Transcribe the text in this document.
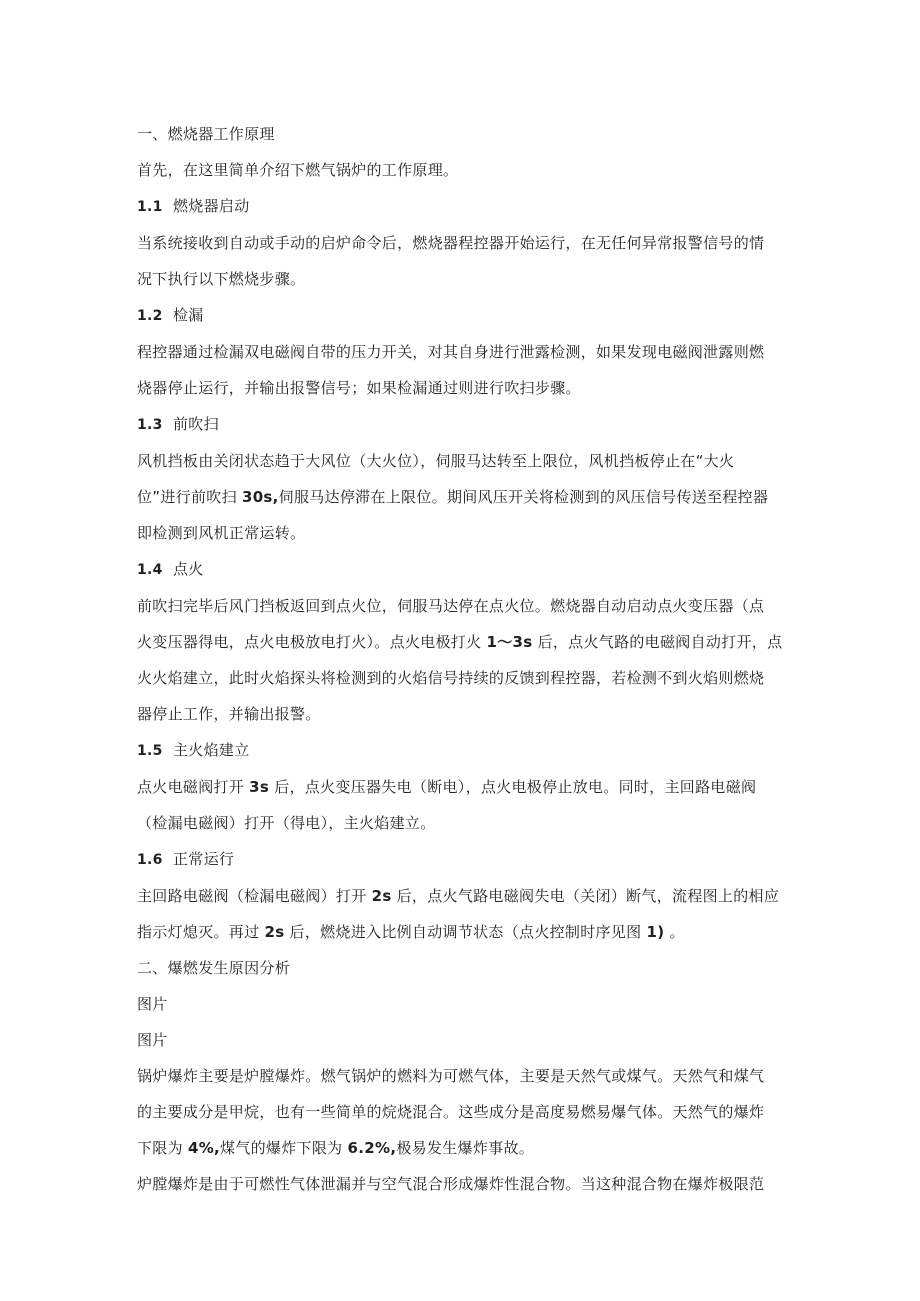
一、燃烧器工作原理
首先，在这里简单介绍下燃气锅炉的工作原理。
1.1 燃烧器启动
当系统接收到自动或手动的启炉命令后，燃烧器程控器开始运行，在无任何异常报警信号的情
况下执行以下燃烧步骤。
1.2 检漏
程控器通过检漏双电磁阀自带的压力开关，对其自身进行泄露检测，如果发现电磁阀泄露则燃
烧器停止运行，并输出报警信号；如果检漏通过则进行吹扫步骤。
1.3 前吹扫
风机挡板由关闭状态趋于大风位（大火位），伺服马达转至上限位，风机挡板停止在“大火
位”进行前吹扫 30s,伺服马达停滞在上限位。期间风压开关将检测到的风压信号传送至程控器
即检测到风机正常运转。
1.4 点火
前吹扫完毕后风门挡板返回到点火位，伺服马达停在点火位。燃烧器自动启动点火变压器（点
火变压器得电，点火电极放电打火）。点火电极打火 1〜3s 后，点火气路的电磁阀自动打开，点
火火焰建立，此时火焰探头将检测到的火焰信号持续的反馈到程控器，若检测不到火焰则燃烧
器停止工作，并输出报警。
1.5 主火焰建立
点火电磁阀打开 3s 后，点火变压器失电（断电），点火电极停止放电。同时，主回路电磁阀
（检漏电磁阀）打开（得电），主火焰建立。
1.6 正常运行
主回路电磁阀（检漏电磁阀）打开 2s 后，点火气路电磁阀失电（关闭）断气，流程图上的相应
指示灯熄灭。再过 2s 后，燃烧进入比例自动调节状态（点火控制时序见图 1) 。
二、爆燃发生原因分析
图片
图片
锅炉爆炸主要是炉膛爆炸。燃气锅炉的燃料为可燃气体，主要是天然气或煤气。天然气和煤气
的主要成分是甲烷，也有一些简单的烷烧混合。这些成分是高度易燃易爆气体。天然气的爆炸
下限为 4%,煤气的爆炸下限为 6.2%,极易发生爆炸事故。
炉膛爆炸是由于可燃性气体泄漏并与空气混合形成爆炸性混合物。当这种混合物在爆炸极限范
